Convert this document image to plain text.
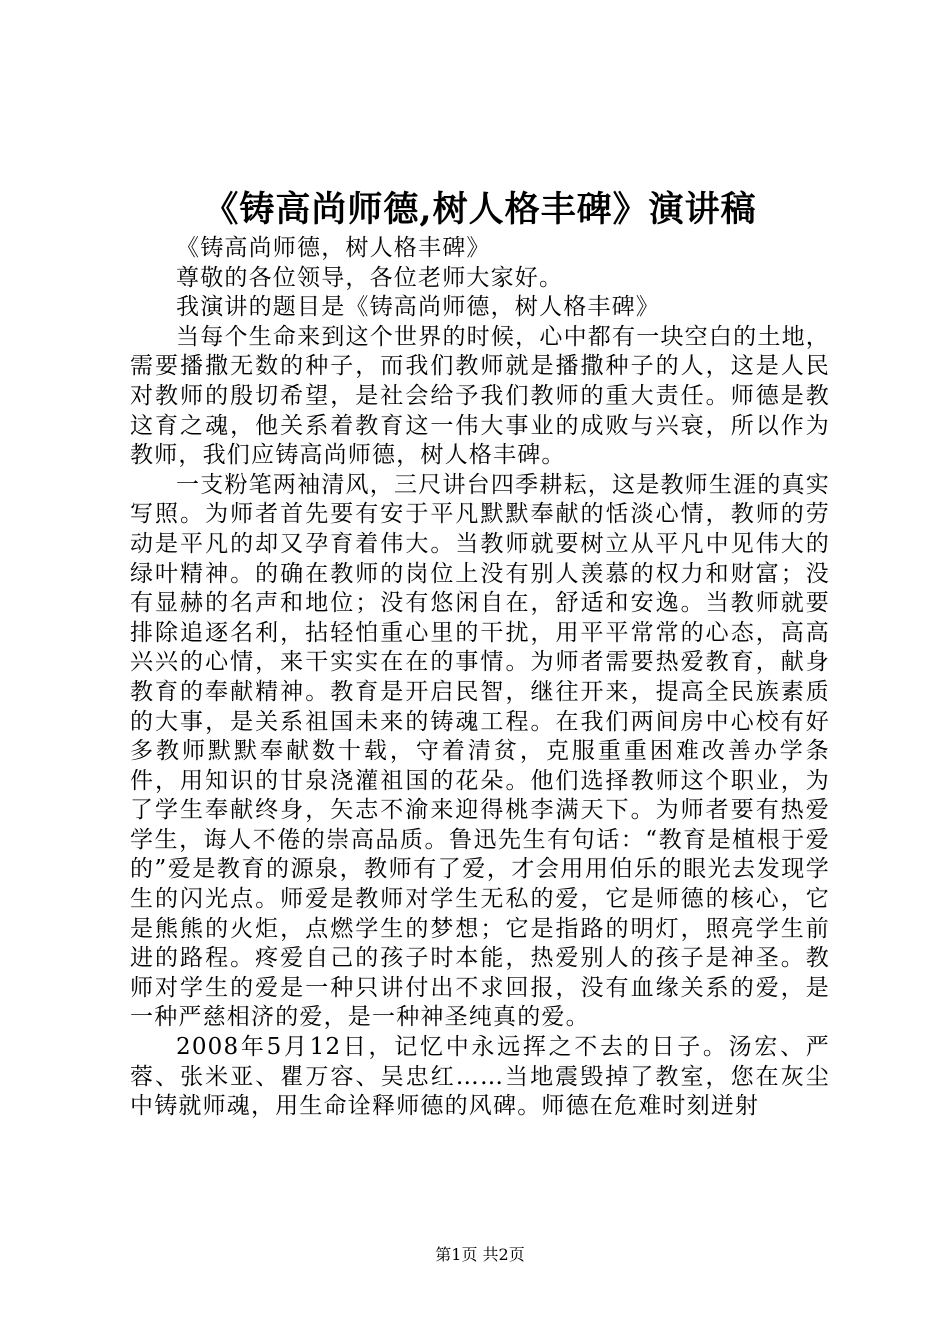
《铸高尚师德,树人格丰碑》演讲稿

《铸高尚师德，树人格丰碑》

尊敬的各位领导，各位老师大家好。

我演讲的题目是《铸高尚师德，树人格丰碑》

当每个生命来到这个世界的时候，心中都有一块空白的土地，需要播撒无数的种子，而我们教师就是播撒种子的人，这是人民对教师的殷切希望，是社会给予我们教师的重大责任。师德是教这育之魂，他关系着教育这一伟大事业的成败与兴衰，所以作为教师，我们应铸高尚师德，树人格丰碑。

一支粉笔两袖清风，三尺讲台四季耕耘，这是教师生涯的真实写照。为师者首先要有安于平凡默默奉献的恬淡心情，教师的劳动是平凡的却又孕育着伟大。当教师就要树立从平凡中见伟大的绿叶精神。的确在教师的岗位上没有别人羡慕的权力和财富；没有显赫的名声和地位；没有悠闲自在，舒适和安逸。当教师就要排除追逐名利，拈轻怕重心里的干扰，用平平常常的心态，高高兴兴的心情，来干实实在在的事情。为师者需要热爱教育，献身教育的奉献精神。教育是开启民智，继往开来，提高全民族素质的大事，是关系祖国未来的铸魂工程。在我们两间房中心校有好多教师默默奉献数十载，守着清贫，克服重重困难改善办学条件，用知识的甘泉浇灌祖国的花朵。他们选择教师这个职业，为了学生奉献终身，矢志不渝来迎得桃李满天下。为师者要有热爱学生，诲人不倦的崇高品质。鲁迅先生有句话：“教育是植根于爱的”爱是教育的源泉，教师有了爱，才会用用伯乐的眼光去发现学生的闪光点。师爱是教师对学生无私的爱，它是师德的核心，它是熊熊的火炬，点燃学生的梦想；它是指路的明灯，照亮学生前进的路程。疼爱自己的孩子时本能，热爱别人的孩子是神圣。教师对学生的爱是一种只讲付出不求回报，没有血缘关系的爱，是一种严慈相济的爱，是一种神圣纯真的爱。

2008年5月12日，记忆中永远挥之不去的日子。汤宏、严蓉、张米亚、瞿万容、吴忠红……当地震毁掉了教室，您在灰尘中铸就师魂，用生命诠释师德的风碑。师德在危难时刻迸射

第1页 共2页
